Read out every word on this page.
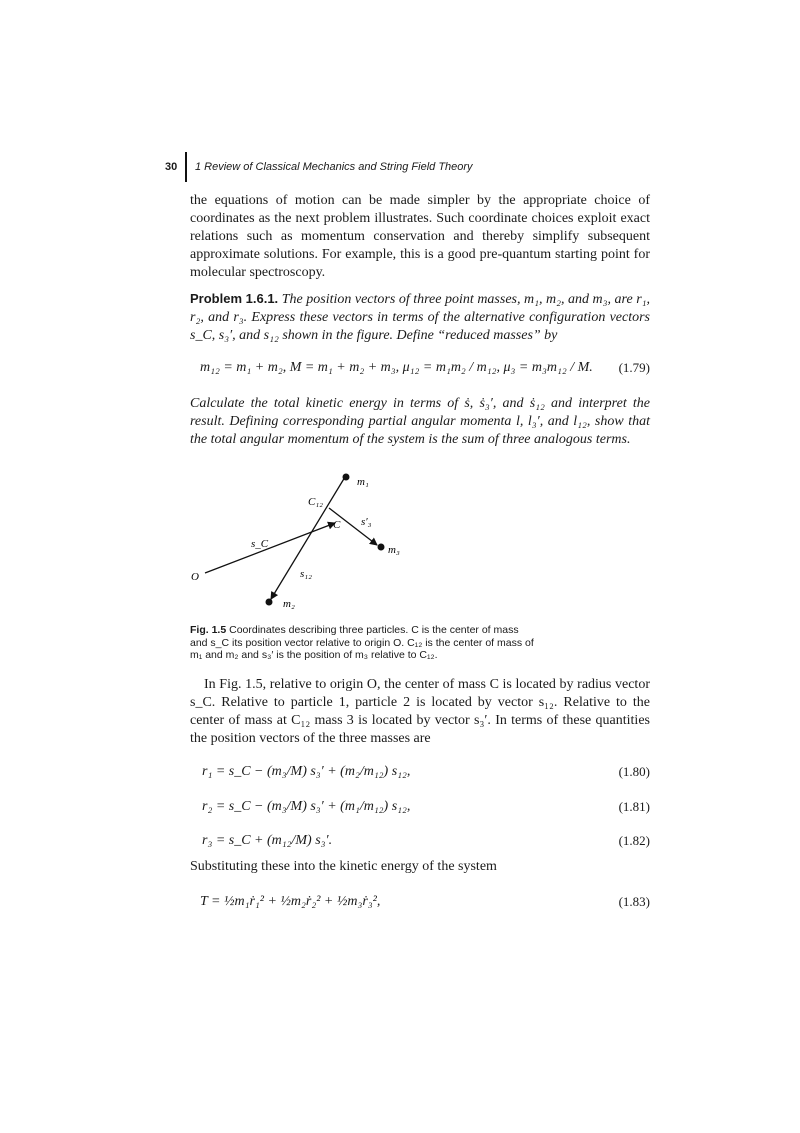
30	1 Review of Classical Mechanics and String Field Theory
the equations of motion can be made simpler by the appropriate choice of coordinates as the next problem illustrates. Such coordinate choices exploit exact relations such as momentum conservation and thereby simplify subsequent approximate solutions. For example, this is a good pre-quantum starting point for molecular spectroscopy.
Problem 1.6.1. The position vectors of three point masses, m₁, m₂, and m₃, are r₁, r₂, and r₃. Express these vectors in terms of the alternative configuration vectors s_C, s₃′, and s₁₂ shown in the figure. Define “reduced masses” by
m₁₂ = m₁ + m₂, M = m₁ + m₂ + m₃, μ₁₂ = m₁m₂ / m₁₂, μ₃ = m₃m₁₂ / M. (1.79)
Calculate the total kinetic energy in terms of ṡ, ṡ₃′, and ṡ₁₂ and interpret the result. Defining corresponding partial angular momenta l, l₃′, and l₁₂, show that the total angular momentum of the system is the sum of three analogous terms.
m₁
m₃
m₂
C₁₂
C s′₃
s_C
s₁₂
O
Fig. 1.5 Coordinates describing three particles. C is the center of mass and s_C its position vector relative to origin O. C₁₂ is the center of mass of m₁ and m₂ and s₃′ is the position of m₃ relative to C₁₂.
In Fig. 1.5, relative to origin O, the center of mass C is located by radius vector s_C. Relative to particle 1, particle 2 is located by vector s₁₂. Relative to the center of mass at C₁₂ mass 3 is located by vector s₃′. In terms of these quantities the position vectors of the three masses are
r₁ = s_C − (m₃/M) s₃′ + (m₂/m₁₂) s₁₂,	(1.80)
r₂ = s_C − (m₃/M) s₃′ + (m₁/m₁₂) s₁₂,	(1.81)
r₃ = s_C + (m₁₂/M) s₃′.	(1.82)
Substituting these into the kinetic energy of the system
T = ½m₁ṙ₁² + ½m₂ṙ₂² + ½m₃ṙ₃²,	(1.83)
